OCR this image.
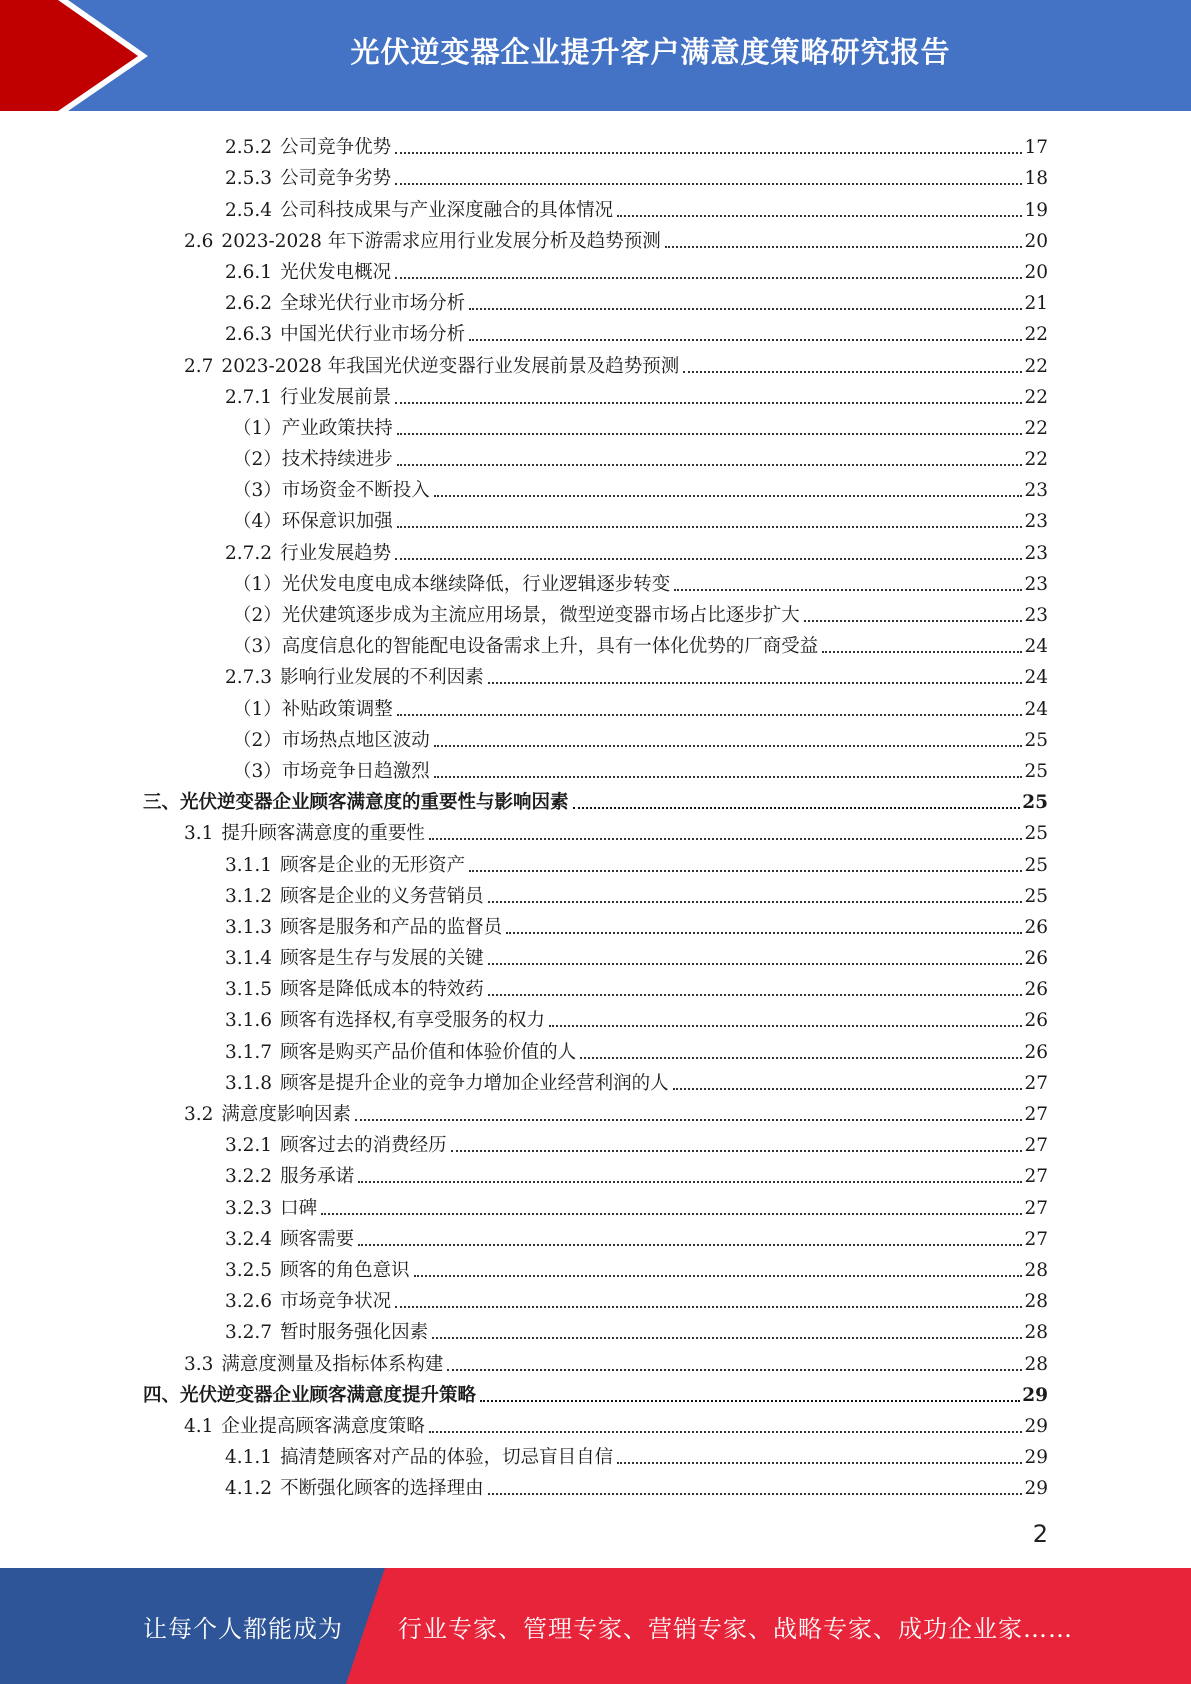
光伏逆变器企业提升客户满意度策略研究报告
2.5.2 公司竞争优势	17
2.5.3 公司竞争劣势	18
2.5.4 公司科技成果与产业深度融合的具体情况	19
2.6 2023-2028 年下游需求应用行业发展分析及趋势预测	20
2.6.1 光伏发电概况	20
2.6.2 全球光伏行业市场分析	21
2.6.3 中国光伏行业市场分析	22
2.7 2023-2028 年我国光伏逆变器行业发展前景及趋势预测	22
2.7.1 行业发展前景	22
（1）产业政策扶持	22
（2）技术持续进步	22
（3）市场资金不断投入	23
（4）环保意识加强	23
2.7.2 行业发展趋势	23
（1）光伏发电度电成本继续降低，行业逻辑逐步转变	23
（2）光伏建筑逐步成为主流应用场景，微型逆变器市场占比逐步扩大	23
（3）高度信息化的智能配电设备需求上升，具有一体化优势的厂商受益	24
2.7.3 影响行业发展的不利因素	24
（1）补贴政策调整	24
（2）市场热点地区波动	25
（3）市场竞争日趋激烈	25
三、光伏逆变器企业顾客满意度的重要性与影响因素	25
3.1 提升顾客满意度的重要性	25
3.1.1 顾客是企业的无形资产	25
3.1.2 顾客是企业的义务营销员	25
3.1.3 顾客是服务和产品的监督员	26
3.1.4 顾客是生存与发展的关键	26
3.1.5 顾客是降低成本的特效药	26
3.1.6 顾客有选择权,有享受服务的权力	26
3.1.7 顾客是购买产品价值和体验价值的人	26
3.1.8 顾客是提升企业的竞争力增加企业经营利润的人	27
3.2 满意度影响因素	27
3.2.1 顾客过去的消费经历	27
3.2.2 服务承诺	27
3.2.3 口碑	27
3.2.4 顾客需要	27
3.2.5 顾客的角色意识	28
3.2.6 市场竞争状况	28
3.2.7 暂时服务强化因素	28
3.3 满意度测量及指标体系构建	28
四、光伏逆变器企业顾客满意度提升策略	29
4.1 企业提高顾客满意度策略	29
4.1.1 搞清楚顾客对产品的体验，切忌盲目自信	29
4.1.2 不断强化顾客的选择理由	29
2
让每个人都能成为 行业专家、管理专家、营销专家、战略专家、成功企业家……
